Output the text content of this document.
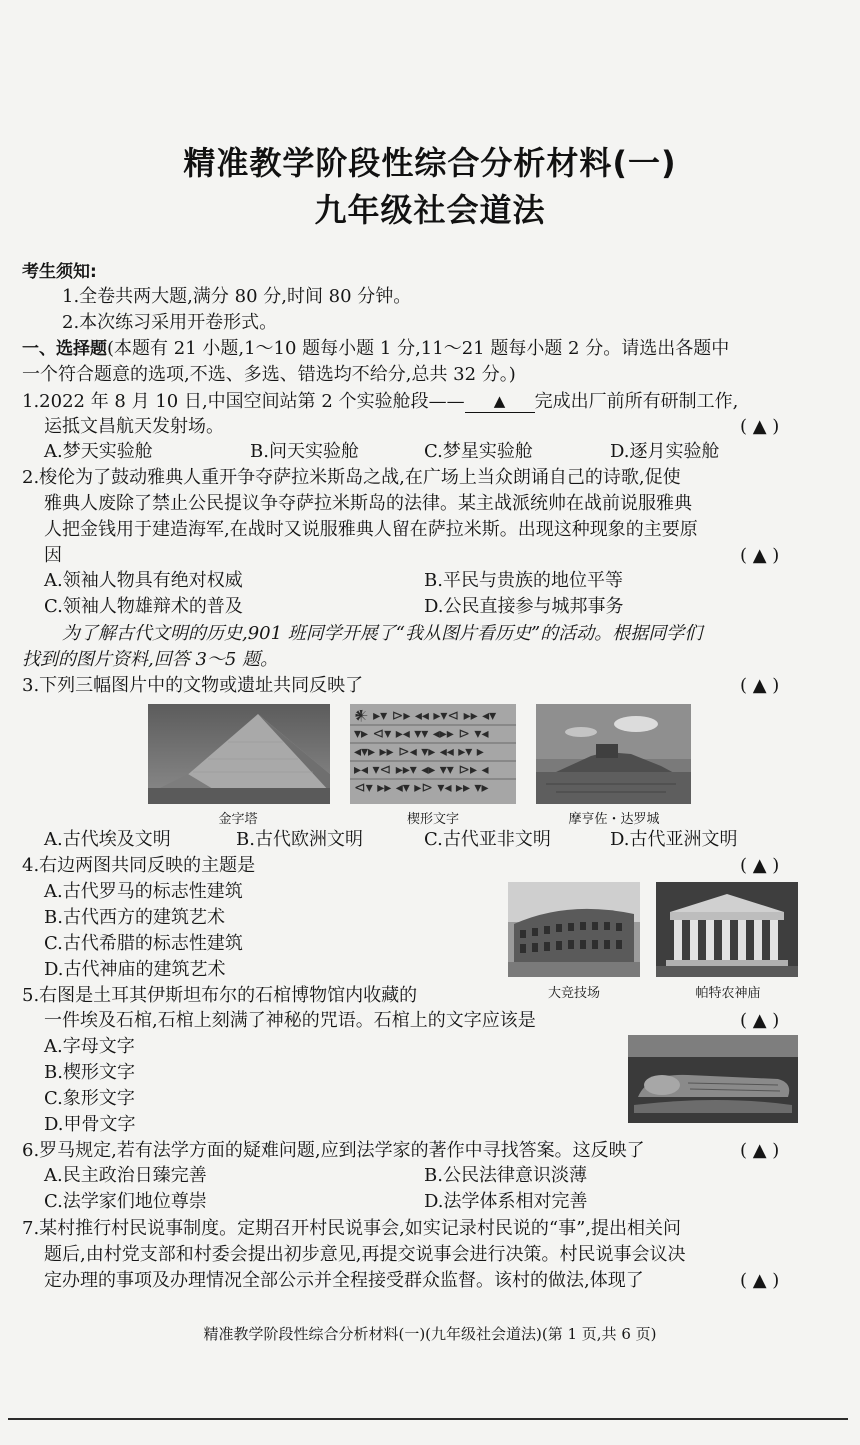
精准教学阶段性综合分析材料(一)
九年级社会道法
考生须知:
1.全卷共两大题,满分 80 分,时间 80 分钟。
2.本次练习采用开卷形式。
一、选择题(本题有 21 小题,1～10 题每小题 1 分,11～21 题每小题 2 分。请选出各题中
一个符合题意的选项,不选、多选、错选均不给分,总共 32 分。)
1.2022 年 8 月 10 日,中国空间站第 2 个实验舱段—— ▲ 完成出厂前所有研制工作,
运抵文昌航天发射场。	( ▲ )
A.梦天实验舱	B.问天实验舱	C.梦星实验舱	D.逐月实验舱
2.梭伦为了鼓动雅典人重开争夺萨拉米斯岛之战,在广场上当众朗诵自己的诗歌,促使
雅典人废除了禁止公民提议争夺萨拉米斯岛的法律。某主战派统帅在战前说服雅典
人把金钱用于建造海军,在战时又说服雅典人留在萨拉米斯。出现这种现象的主要原
因	( ▲ )
A.领袖人物具有绝对权威	B.平民与贵族的地位平等
C.领袖人物雄辩术的普及	D.公民直接参与城邦事务
为了解古代文明的历史,901 班同学开展了“我从图片看历史”的活动。根据同学们
找到的图片资料,回答 3～5 题。
3.下列三幅图片中的文物或遗址共同反映了	( ▲ )
金字塔
𒀭 ▸▾ ⊳▸ ◂◂ ▸▾⊲ ▸▸ ◂▾
▾▸ ⊲▾ ▸◂ ▾▾ ◂▸▸ ⊳ ▾◂
◂▾▸ ▸▸ ⊳◂ ▾▸ ◂◂ ▸▾ ▸
▸◂ ▾⊲ ▸▸▾ ◂▸ ▾▾ ⊳▸ ◂
⊲▾ ▸▸ ◂▾ ▸⊳ ▾◂ ▸▸ ▾▸
楔形文字	摩亨佐・达罗城
A.古代埃及文明	B.古代欧洲文明	C.古代亚非文明	D.古代亚洲文明
4.右边两图共同反映的主题是	( ▲ )
A.古代罗马的标志性建筑
B.古代西方的建筑艺术
C.古代希腊的标志性建筑
D.古代神庙的建筑艺术
大竞技场	帕特农神庙
5.右图是土耳其伊斯坦布尔的石棺博物馆内收藏的
一件埃及石棺,石棺上刻满了神秘的咒语。石棺上的文字应该是	( ▲ )
A.字母文字
B.楔形文字
C.象形文字
D.甲骨文字
6.罗马规定,若有法学方面的疑难问题,应到法学家的著作中寻找答案。这反映了	( ▲ )
A.民主政治日臻完善	B.公民法律意识淡薄
C.法学家们地位尊崇	D.法学体系相对完善
7.某村推行村民说事制度。定期召开村民说事会,如实记录村民说的“事”,提出相关问
题后,由村党支部和村委会提出初步意见,再提交说事会进行决策。村民说事会议决
定办理的事项及办理情况全部公示并全程接受群众监督。该村的做法,体现了	( ▲ )
精准教学阶段性综合分析材料(一)(九年级社会道法)(第 1 页,共 6 页)
